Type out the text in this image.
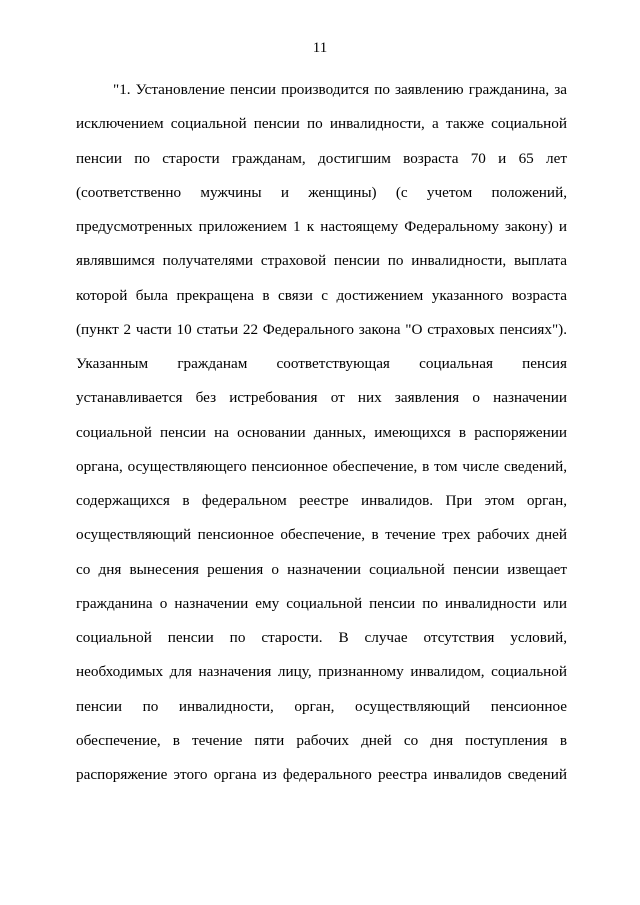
11
"1. Установление пенсии производится по заявлению гражданина, за
исключением социальной пенсии по инвалидности, а также социальной
пенсии по старости гражданам, достигшим возраста 70 и 65 лет
(соответственно мужчины и женщины) (с учетом положений,
предусмотренных приложением 1 к настоящему Федеральному закону) и
являвшимся получателями страховой пенсии по инвалидности, выплата
которой была прекращена в связи с достижением указанного возраста
(пункт 2 части 10 статьи 22 Федерального закона "О страховых пенсиях").
Указанным гражданам соответствующая социальная пенсия
устанавливается без истребования от них заявления о назначении
социальной пенсии на основании данных, имеющихся в распоряжении
органа, осуществляющего пенсионное обеспечение, в том числе сведений,
содержащихся в федеральном реестре инвалидов. При этом орган,
осуществляющий пенсионное обеспечение, в течение трех рабочих дней
со дня вынесения решения о назначении социальной пенсии извещает
гражданина о назначении ему социальной пенсии по инвалидности или
социальной пенсии по старости. В случае отсутствия условий,
необходимых для назначения лицу, признанному инвалидом, социальной
пенсии по инвалидности, орган, осуществляющий пенсионное
обеспечение, в течение пяти рабочих дней со дня поступления в
распоряжение этого органа из федерального реестра инвалидов сведений
